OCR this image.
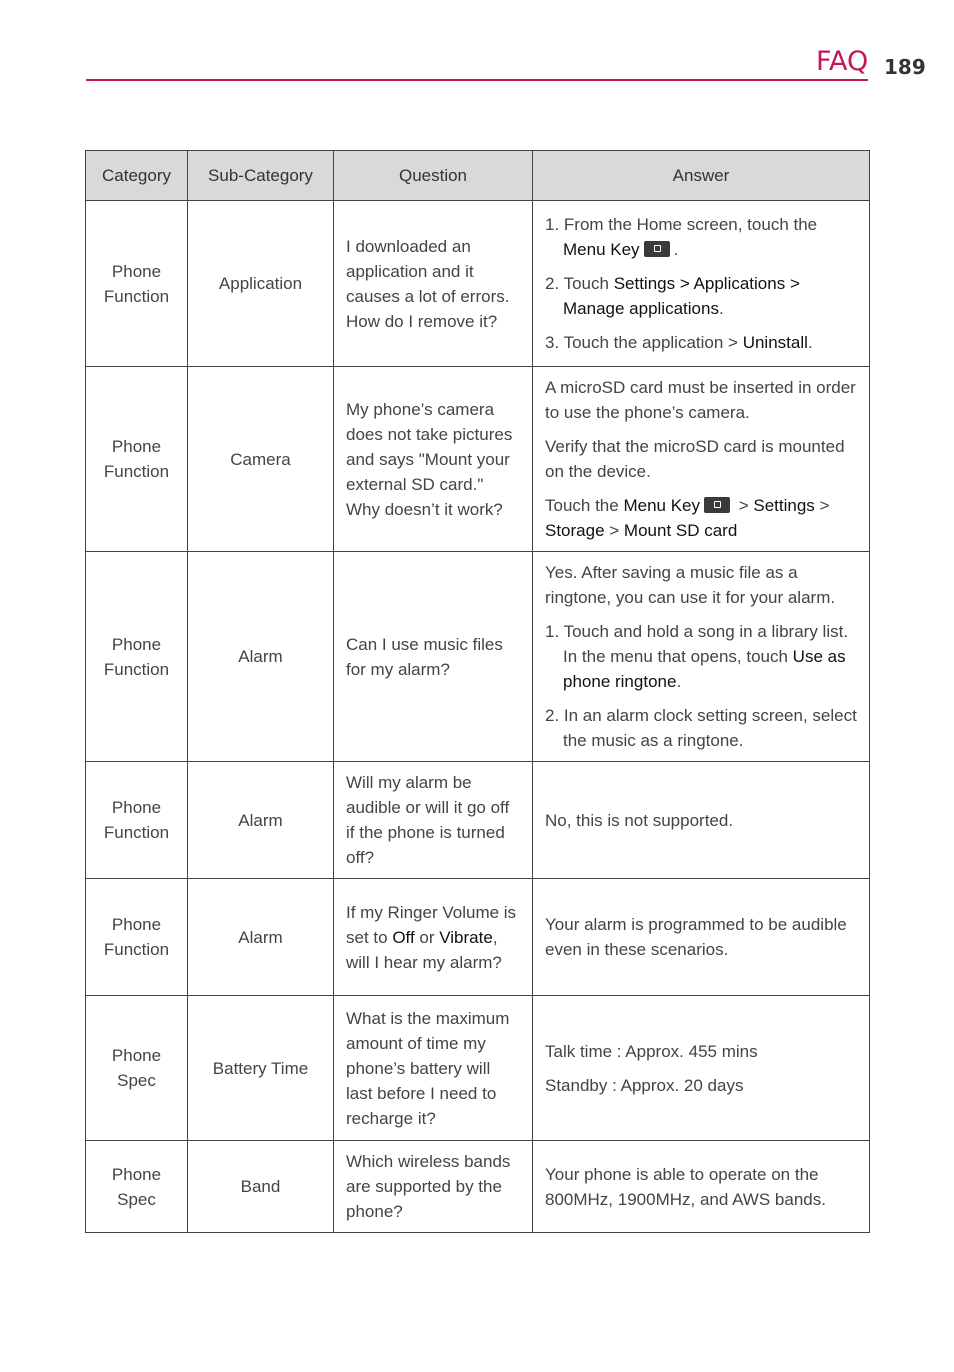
FAQ 189
Category	Sub-Category	Question	Answer
Phone Function	Application	I downloaded an application and it causes a lot of errors. How do I remove it?	1. From the Home screen, touch the Menu Key .

2. Touch Settings > Applications > Manage applications.

3. Touch the application > Uninstall.

Phone Function	Camera	My phone’s camera does not take pictures and says "Mount your external SD card." Why doesn’t it work?	A microSD card must be inserted in order to use the phone’s camera.

Verify that the microSD card is mounted on the device.

Touch the Menu Key > Settings > Storage > Mount SD card

Phone Function	Alarm	Can I use music files for my alarm?	Yes. After saving a music file as a ringtone, you can use it for your alarm.

1. Touch and hold a song in a library list. In the menu that opens, touch Use as phone ringtone.

2. In an alarm clock setting screen, select the music as a ringtone.

Phone Function	Alarm	Will my alarm be audible or will it go off if the phone is turned off?	No, this is not supported.

Phone Function	Alarm	If my Ringer Volume is set to Off or Vibrate, will I hear my alarm?	Your alarm is programmed to be audible even in these scenarios.

Phone Spec	Battery Time	What is the maximum amount of time my phone’s battery will last before I need to recharge it?	Talk time : Approx. 455 mins

Standby : Approx. 20 days

Phone Spec	Band	Which wireless bands are supported by the phone?	Your phone is able to operate on the 800MHz, 1900MHz, and AWS bands.
